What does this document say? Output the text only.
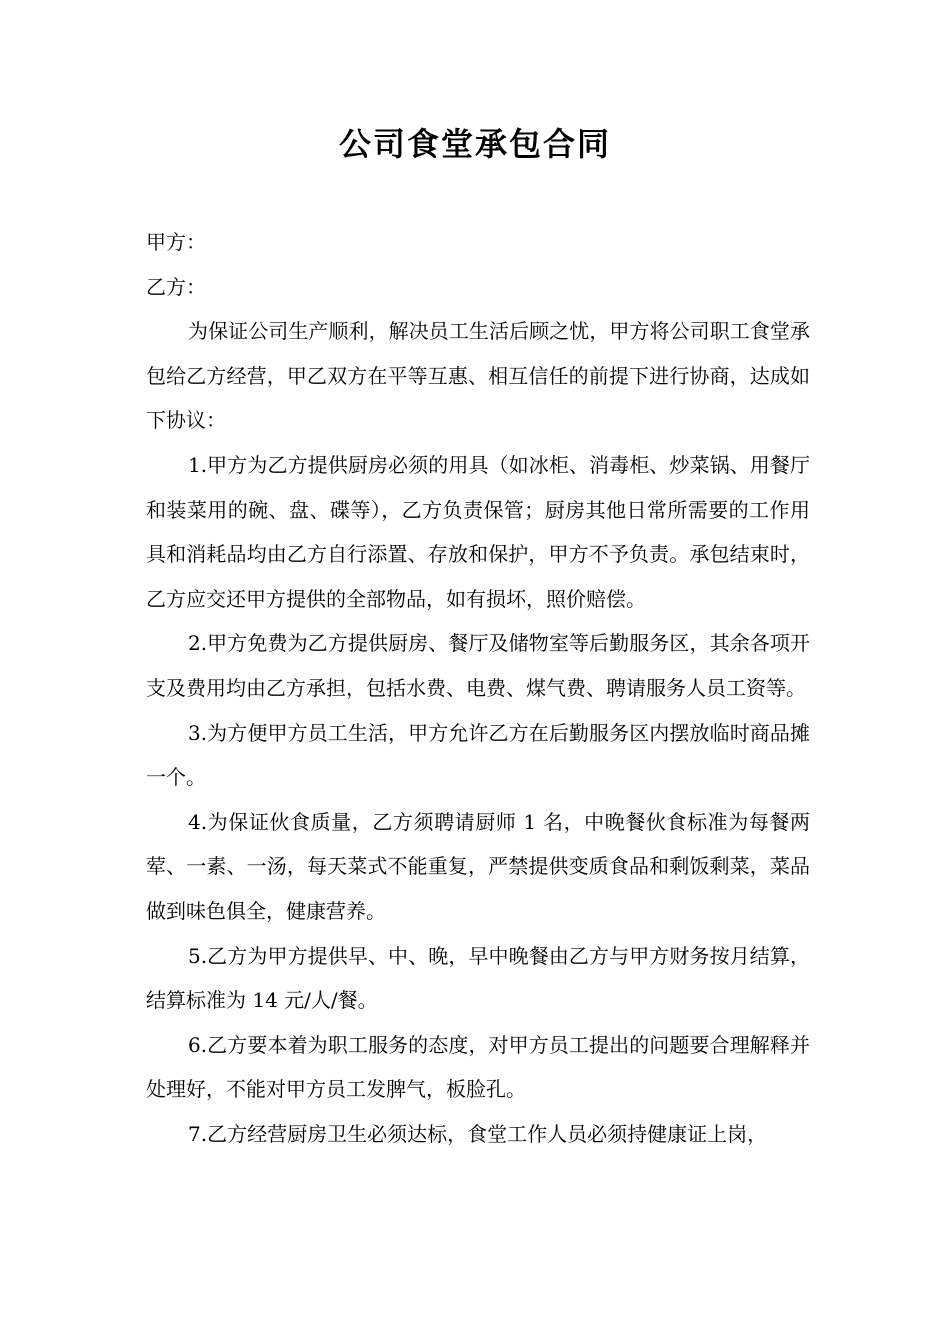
公司食堂承包合同

甲方：

乙方：

为保证公司生产顺利，解决员工生活后顾之忧，甲方将公司职工食堂承包给乙方经营，甲乙双方在平等互惠、相互信任的前提下进行协商，达成如下协议：

1.甲方为乙方提供厨房必须的用具（如冰柜、消毒柜、炒菜锅、用餐厅和装菜用的碗、盘、碟等），乙方负责保管；厨房其他日常所需要的工作用具和消耗品均由乙方自行添置、存放和保护，甲方不予负责。承包结束时，乙方应交还甲方提供的全部物品，如有损坏，照价赔偿。

2.甲方免费为乙方提供厨房、餐厅及储物室等后勤服务区，其余各项开支及费用均由乙方承担，包括水费、电费、煤气费、聘请服务人员工资等。

3.为方便甲方员工生活，甲方允许乙方在后勤服务区内摆放临时商品摊一个。

4.为保证伙食质量，乙方须聘请厨师 1 名，中晚餐伙食标准为每餐两荤、一素、一汤，每天菜式不能重复，严禁提供变质食品和剩饭剩菜，菜品做到味色俱全，健康营养。

5.乙方为甲方提供早、中、晚，早中晚餐由乙方与甲方财务按月结算，结算标准为 14 元/人/餐。

6.乙方要本着为职工服务的态度，对甲方员工提出的问题要合理解释并处理好，不能对甲方员工发脾气，板脸孔。

7.乙方经营厨房卫生必须达标，食堂工作人员必须持健康证上岗，
